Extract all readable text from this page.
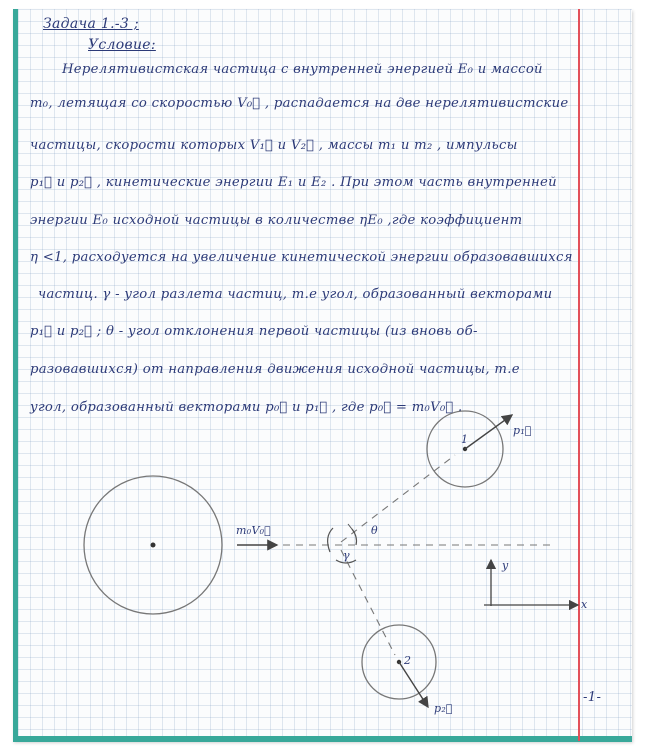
Задача 1.-3 ;
Условие:
Нерелятивистская частица с внутренней энергией E₀ и массой
m₀, летящая со скоростью V₀⃗ , распадается на две нерелятивистские
частицы, скорости которых V₁⃗ и V₂⃗ , массы m₁ и m₂ , импульсы
p₁⃗ и p₂⃗ , кинетические энергии E₁ и E₂ . При этом часть внутренней
энергии E₀ исходной частицы в количестве ηE₀ ,где коэффициент
η <1, расходуется на увеличение кинетической энергии образовавшихся
частиц. γ - угол разлета частиц, т.е угол, образованный векторами
p₁⃗ и p₂⃗ ; θ - угол отклонения первой частицы (из вновь об-
разовавшихся) от направления движения исходной частицы, т.е
угол, образованный векторами p₀⃗ и p₁⃗ , где p₀⃗ = m₀V₀⃗ .
m₀V₀⃗
1
2
p₁⃗
p₂⃗
θ
γ
y
x
-1-
